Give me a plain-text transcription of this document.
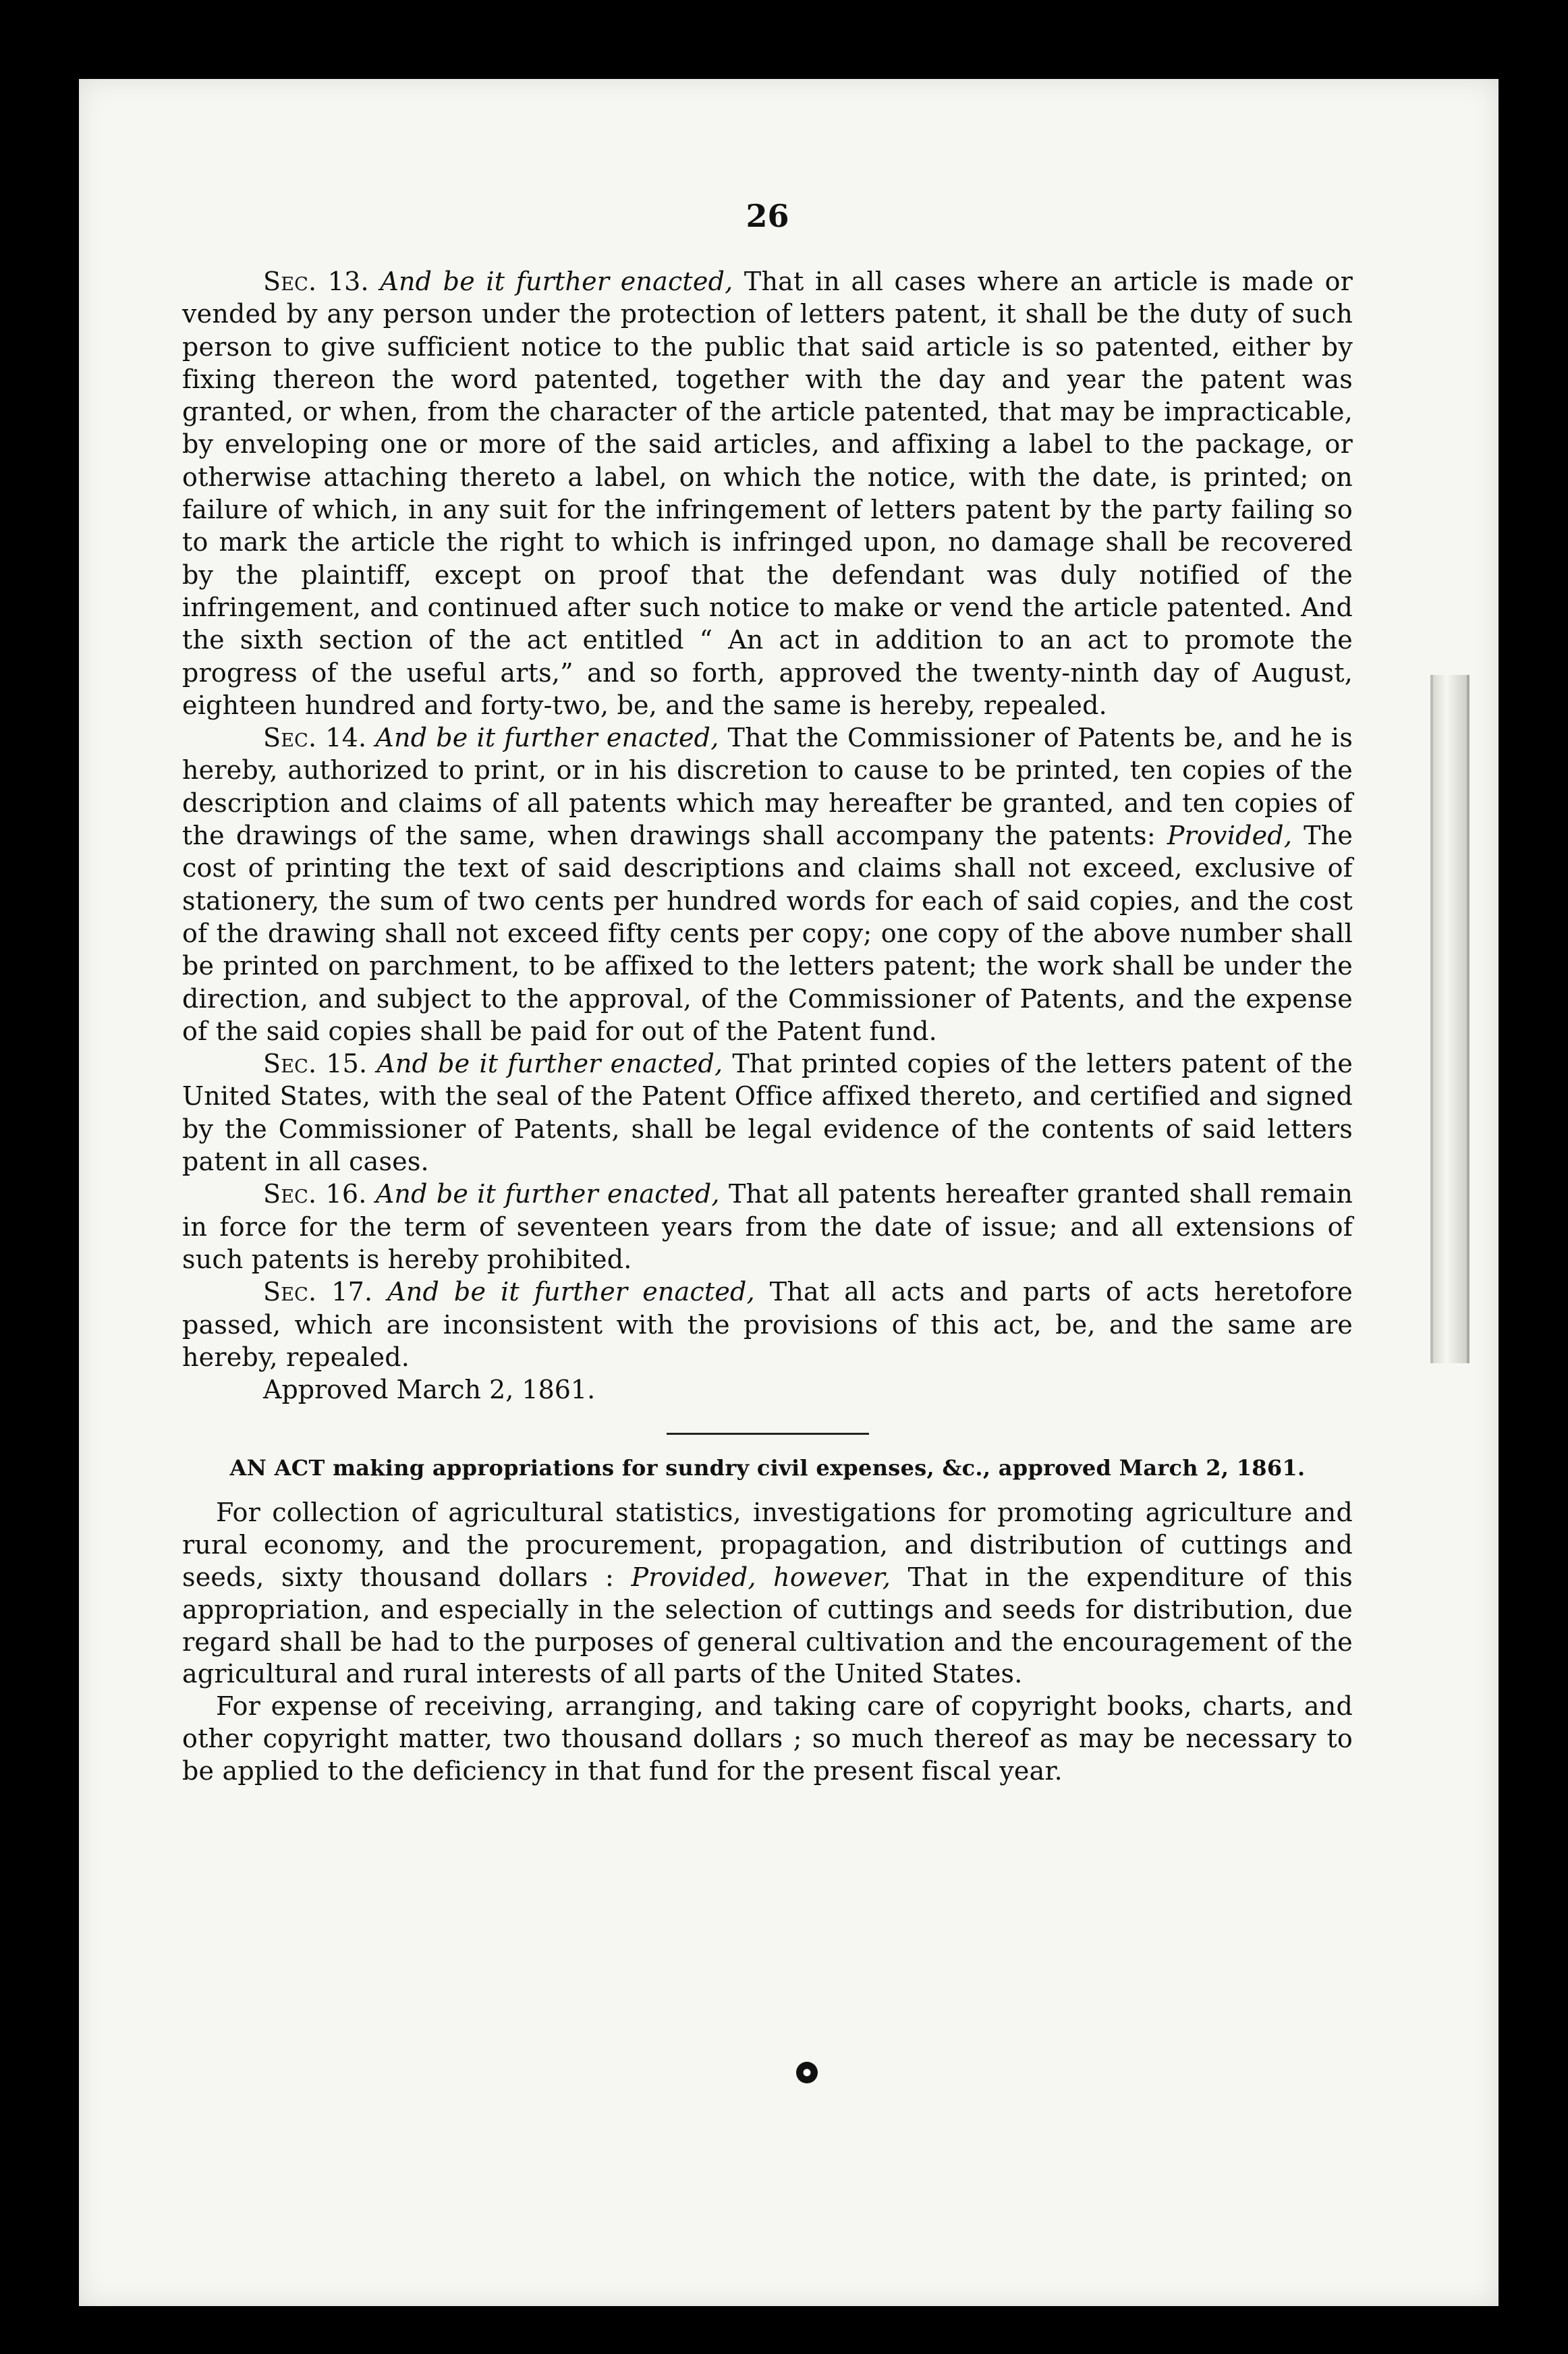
26

Sec. 13. And be it further enacted, That in all cases where an article is made or vended by any person under the protection of letters patent, it shall be the duty of such person to give sufficient notice to the public that said article is so patented, either by fixing thereon the word patented, together with the day and year the patent was granted, or when, from the character of the article patented, that may be impracticable, by enveloping one or more of the said articles, and affixing a label to the package, or otherwise attaching thereto a label, on which the notice, with the date, is printed; on failure of which, in any suit for the infringement of letters patent by the party failing so to mark the article the right to which is infringed upon, no damage shall be recovered by the plaintiff, except on proof that the defendant was duly notified of the infringement, and continued after such notice to make or vend the article patented. And the sixth section of the act entitled “ An act in addition to an act to promote the progress of the useful arts,” and so forth, approved the twenty-ninth day of August, eighteen hundred and forty-two, be, and the same is hereby, repealed.

Sec. 14. And be it further enacted, That the Commissioner of Patents be, and he is hereby, authorized to print, or in his discretion to cause to be printed, ten copies of the description and claims of all patents which may hereafter be granted, and ten copies of the drawings of the same, when drawings shall accompany the patents: Provided, The cost of printing the text of said descriptions and claims shall not exceed, exclusive of stationery, the sum of two cents per hundred words for each of said copies, and the cost of the drawing shall not exceed fifty cents per copy; one copy of the above number shall be printed on parchment, to be affixed to the letters patent; the work shall be under the direction, and subject to the approval, of the Commissioner of Patents, and the expense of the said copies shall be paid for out of the Patent fund.

Sec. 15. And be it further enacted, That printed copies of the letters patent of the United States, with the seal of the Patent Office affixed thereto, and certified and signed by the Commissioner of Patents, shall be legal evidence of the contents of said letters patent in all cases.

Sec. 16. And be it further enacted, That all patents hereafter granted shall remain in force for the term of seventeen years from the date of issue; and all extensions of such patents is hereby prohibited.

Sec. 17. And be it further enacted, That all acts and parts of acts heretofore passed, which are inconsistent with the provisions of this act, be, and the same are hereby, repealed.

Approved March 2, 1861.

AN ACT making appropriations for sundry civil expenses, &c., approved March 2, 1861.

For collection of agricultural statistics, investigations for promoting agriculture and rural economy, and the procurement, propagation, and distribution of cuttings and seeds, sixty thousand dollars : Provided, however, That in the expenditure of this appropriation, and especially in the selection of cuttings and seeds for distribution, due regard shall be had to the purposes of general cultivation and the encouragement of the agricultural and rural interests of all parts of the United States.

For expense of receiving, arranging, and taking care of copyright books, charts, and other copyright matter, two thousand dollars ; so much thereof as may be necessary to be applied to the deficiency in that fund for the present fiscal year.
